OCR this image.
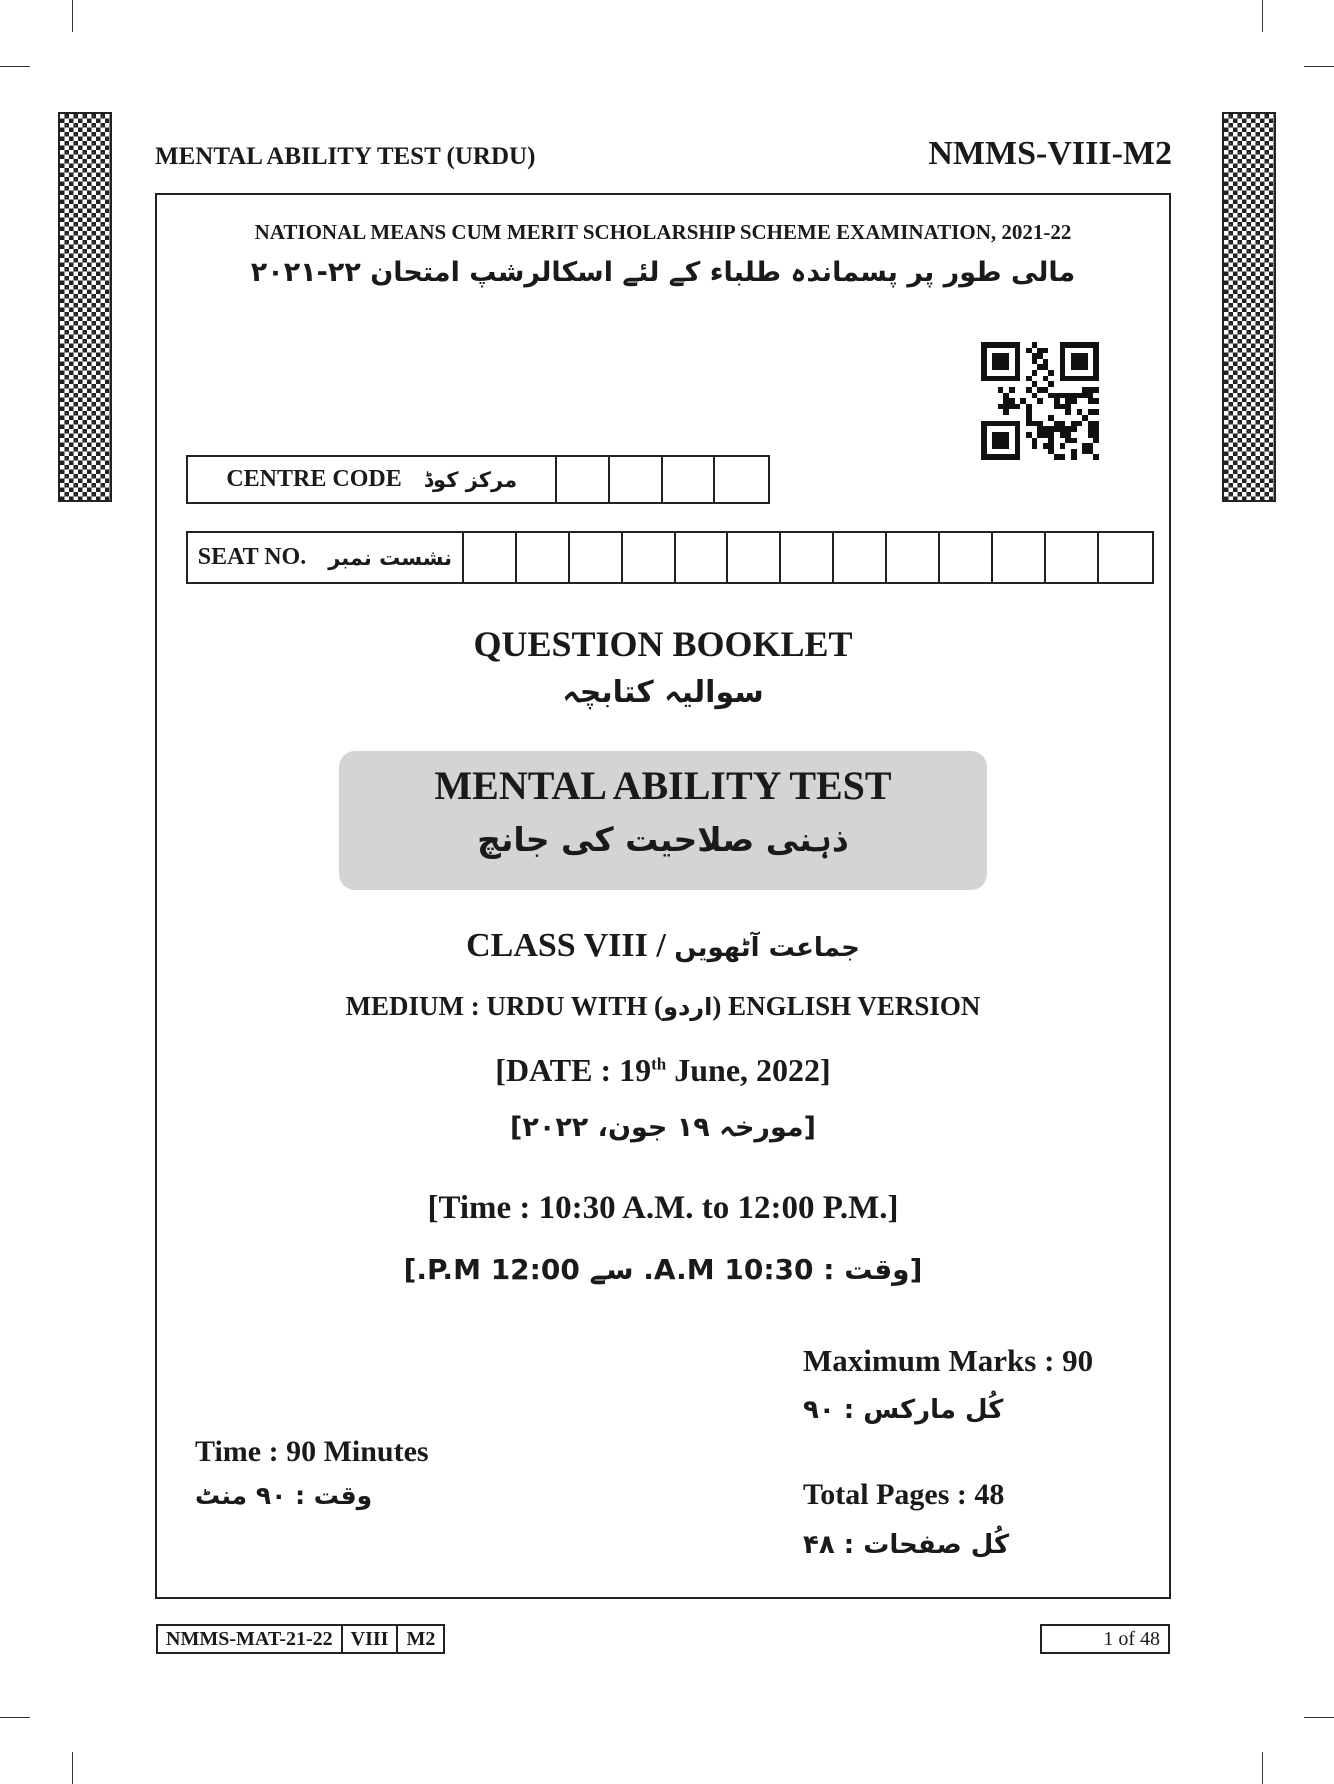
MENTAL ABILITY TEST (URDU)	NMMS-VIII-M2
NATIONAL MEANS CUM MERIT SCHOLARSHIP SCHEME EXAMINATION, 2021-22
مالی طور پر پسماندہ طلباء کے لئے اسکالرشپ امتحان ۲۲-۲۰۲۱
CENTRE CODE مرکز کوڈ
SEAT NO. نشست نمبر
QUESTION BOOKLET
سوالیہ کتابچہ
MENTAL ABILITY TEST
ذہنی صلاحیت کی جانچ
CLASS VIII / جماعت آٹھویں
MEDIUM : URDU WITH (اردو) ENGLISH VERSION
[DATE : 19th June, 2022]
[مورخہ ۱۹ جون، ۲۰۲۲]
[Time : 10:30 A.M. to 12:00 P.M.]
[وقت : 10:30 A.M. سے 12:00 P.M.]
Maximum Marks : 90
کُل مارکس : ۹۰
Time : 90 Minutes
وقت : ۹۰ منٹ	Total Pages : 48
کُل صفحات : ۴۸
NMMS-MAT-21-22 VIII M2	1 of 48
